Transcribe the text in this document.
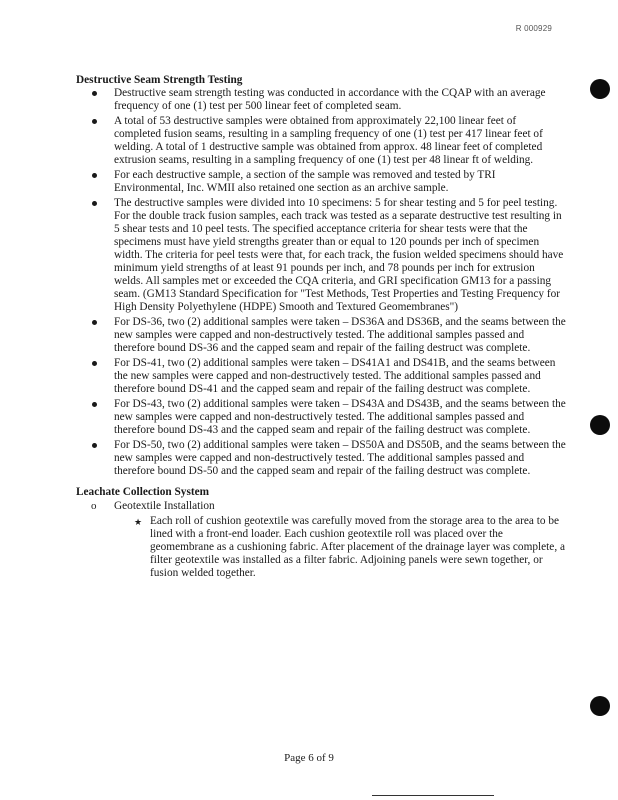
R 000929

Destructive Seam Strength Testing

Destructive seam strength testing was conducted in accordance with the CQAP with an average frequency of one (1) test per 500 linear feet of completed seam.
A total of 53 destructive samples were obtained from approximately 22,100 linear feet of completed fusion seams, resulting in a sampling frequency of one (1) test per 417 linear feet of welding. A total of 1 destructive sample was obtained from approx. 48 linear feet of completed extrusion seams, resulting in a sampling frequency of one (1) test per 48 linear ft of welding.
For each destructive sample, a section of the sample was removed and tested by TRI Environmental, Inc. WMII also retained one section as an archive sample.
The destructive samples were divided into 10 specimens: 5 for shear testing and 5 for peel testing. For the double track fusion samples, each track was tested as a separate destructive test resulting in 5 shear tests and 10 peel tests. The specified acceptance criteria for shear tests were that the specimens must have yield strengths greater than or equal to 120 pounds per inch of specimen width. The criteria for peel tests were that, for each track, the fusion welded specimens should have minimum yield strengths of at least 91 pounds per inch, and 78 pounds per inch for extrusion welds. All samples met or exceeded the CQA criteria, and GRI specification GM13 for a passing seam. (GM13 Standard Specification for "Test Methods, Test Properties and Testing Frequency for High Density Polyethylene (HDPE) Smooth and Textured Geomembranes")
For DS-36, two (2) additional samples were taken – DS36A and DS36B, and the seams between the new samples were capped and non-destructively tested. The additional samples passed and therefore bound DS-36 and the capped seam and repair of the failing destruct was complete.
For DS-41, two (2) additional samples were taken – DS41A1 and DS41B, and the seams between the new samples were capped and non-destructively tested. The additional samples passed and therefore bound DS-41 and the capped seam and repair of the failing destruct was complete.
For DS-43, two (2) additional samples were taken – DS43A and DS43B, and the seams between the new samples were capped and non-destructively tested. The additional samples passed and therefore bound DS-43 and the capped seam and repair of the failing destruct was complete.
For DS-50, two (2) additional samples were taken – DS50A and DS50B, and the seams between the new samples were capped and non-destructively tested. The additional samples passed and therefore bound DS-50 and the capped seam and repair of the failing destruct was complete.

Leachate Collection System

o Geotextile Installation
★ Each roll of cushion geotextile was carefully moved from the storage area to the area to be lined with a front-end loader. Each cushion geotextile roll was placed over the geomembrane as a cushioning fabric. After placement of the drainage layer was complete, a filter geotextile was installed as a filter fabric. Adjoining panels were sewn together, or fusion welded together.
Page 6 of 9
